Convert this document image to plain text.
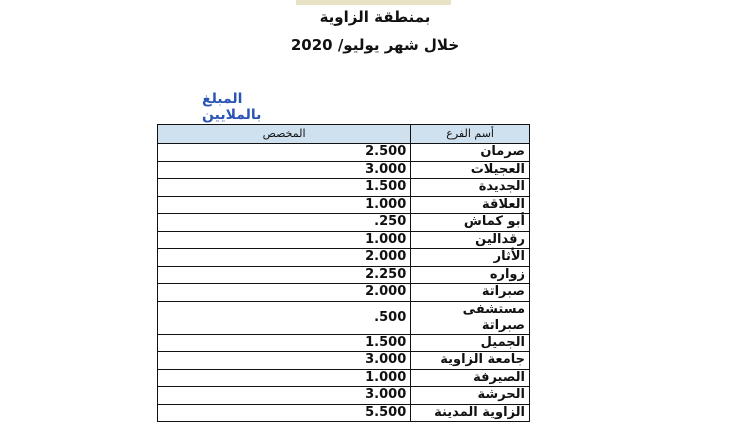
بمنطقة الزاوية
خلال شهر يوليو/ 2020
المبلغ بالملايين
المخصص	أسم الفرع
2.500	صرمان
3.000	العجيلات
1.500	الجديدة
1.000	العلاقة
.250	أبو كماش
1.000	رقدالين
2.000	الأثار
2.250	زواره
2.000	صبراتة
.500	مستشفى صبراتة
1.500	الجميل
3.000	جامعة الزاوية
1.000	الصيرفة
3.000	الحرشة
5.500	الزاوية المدينة
